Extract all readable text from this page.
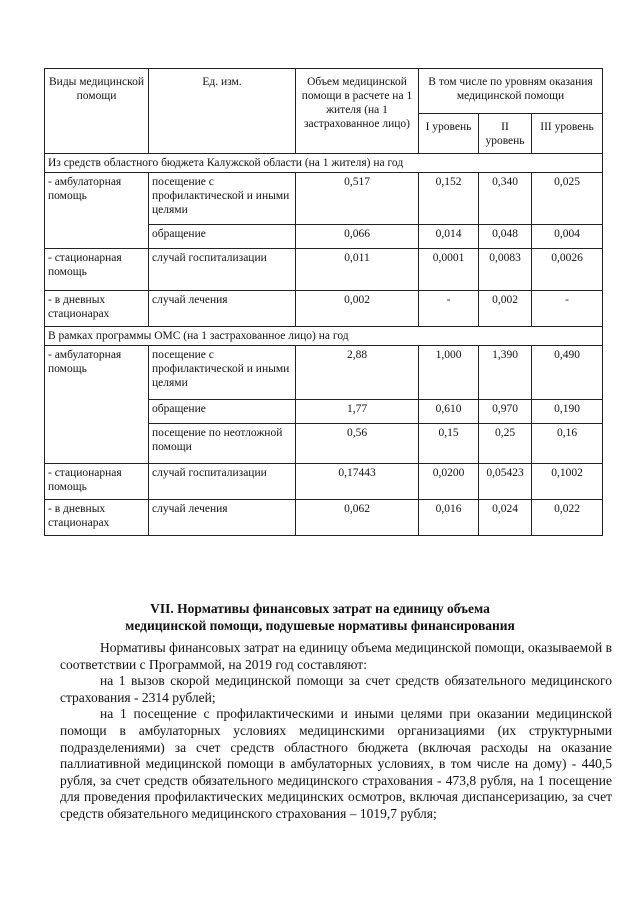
Виды медицинской помощи	Ед. изм.	Объем медицинской помощи в расчете на 1 жителя (на 1 застрахованное лицо)	В том числе по уровням оказания медицинской помощи		
			I уровень	II уровень	III уровень
Из средств областного бюджета Калужской области (на 1 жителя) на год					
- амбулаторная помощь	посещение с профилактической и иными целями	0,517	0,152	0,340	0,025
	обращение	0,066	0,014	0,048	0,004
- стационарная помощь	случай госпитализации	0,011	0,0001	0,0083	0,0026
- в дневных стационарах	случай лечения	0,002	-	0,002	-
В рамках программы ОМС (на 1 застрахованное лицо) на год					
- амбулаторная помощь	посещение с профилактической и иными целями	2,88	1,000	1,390	0,490
	обращение	1,77	0,610	0,970	0,190
	посещение по неотложной помощи	0,56	0,15	0,25	0,16
- стационарная помощь	случай госпитализации	0,17443	0,0200	0,05423	0,1002
- в дневных стационарах	случай лечения	0,062	0,016	0,024	0,022
VII. Нормативы финансовых затрат на единицу объема
медицинской помощи, подушевые нормативы финансирования

Нормативы финансовых затрат на единицу объема медицинской помощи, оказываемой в соответствии с Программой, на 2019 год составляют:

на 1 вызов скорой медицинской помощи за счет средств обязательного медицинского страхования - 2314 рублей;

на 1 посещение с профилактическими и иными целями при оказании медицинской помощи в амбулаторных условиях медицинскими организациями (их структурными подразделениями) за счет средств областного бюджета (включая расходы на оказание паллиативной медицинской помощи в амбулаторных условиях, в том числе на дому) - 440,5 рубля, за счет средств обязательного медицинского страхования - 473,8 рубля, на 1 посещение для проведения профилактических медицинских осмотров, включая диспансеризацию, за счет средств обязательного медицинского страхования – 1019,7 рубля;
